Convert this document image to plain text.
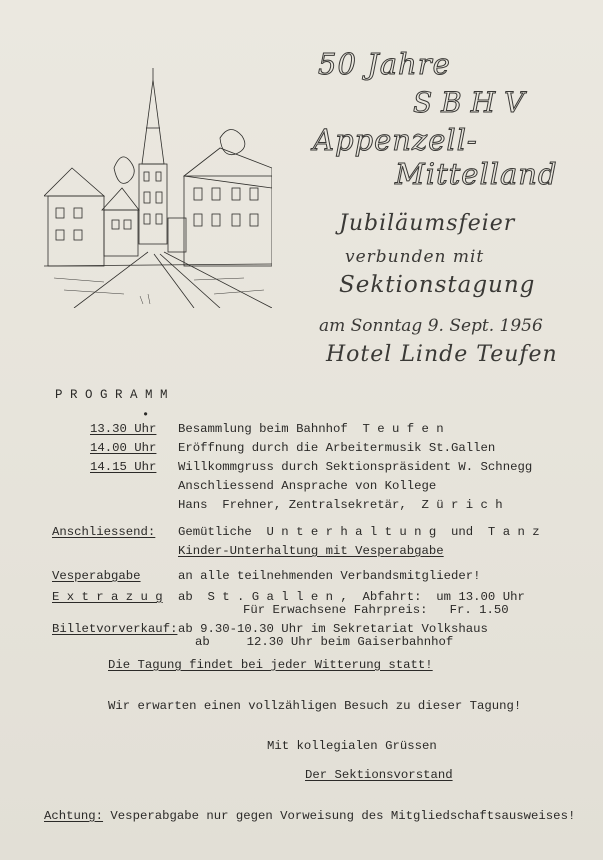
50 Jahre
SBHV
Appenzell-
Mittelland
Jubiläumsfeier
verbunden mit
Sektionstagung
am Sonntag 9. Sept. 1956
Hotel Linde Teufen
P R O G R A M M
•
13.30 Uhr
14.00 Uhr
14.15 Uhr
Besammlung beim Bahnhof  T e u f e n
Eröffnung durch die Arbeitermusik St.Gallen
Willkommgruss durch Sektionspräsident W. Schnegg
Anschliessend Ansprache von Kollege
Hans  Frehner, Zentralsekretär,  Z ü r i c h
Anschliessend: Gemütliche  U n t e r h a l t u n g  und  T a n z
Kinder-Unterhaltung mit Vesperabgabe
Vesperabgabe	an alle teilnehmenden Verbandsmitglieder!
E x t r a z u g ab  S t . G a l l e n ,  Abfahrt:  um 13.00 Uhr
Für Erwachsene Fahrpreis:   Fr. 1.50
Billetvorverkauf: ab 9.30-10.30 Uhr im Sekretariat Volkshaus
ab     12.30 Uhr beim Gaiserbahnhof
Die Tagung findet bei jeder Witterung statt!
Wir erwarten einen vollzähligen Besuch zu dieser Tagung!
Mit kollegialen Grüssen
Der Sektionsvorstand
Achtung: Vesperabgabe nur gegen Vorweisung des Mitgliedschaftsausweises!
